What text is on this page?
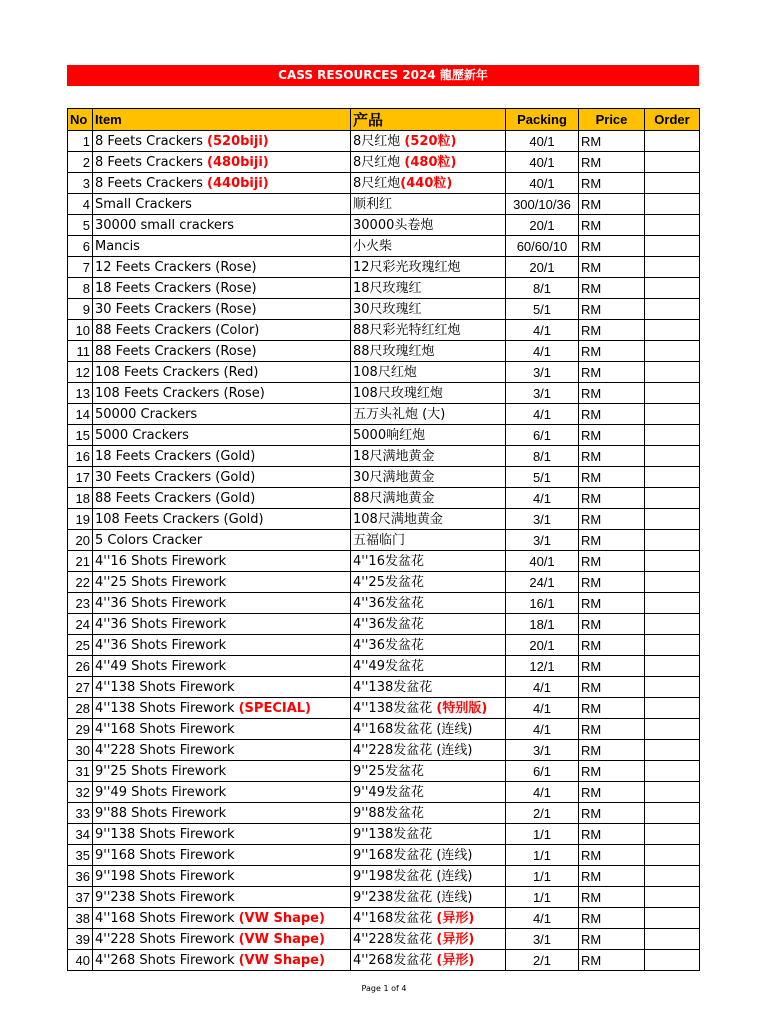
CASS RESOURCES 2024 龍歷新年
No	Item	产品	Packing	Price	Order
1	8 Feets Crackers (520biji)	8尺红炮 (520粒)	40/1	RM	
2	8 Feets Crackers (480biji)	8尺红炮 (480粒)	40/1	RM	
3	8 Feets Crackers (440biji)	8尺红炮(440粒)	40/1	RM	
4	Small Crackers	顺利红	300/10/36	RM	
5	30000 small crackers	30000头卷炮	20/1	RM	
6	Mancis	小火柴	60/60/10	RM	
7	12 Feets Crackers (Rose)	12尺彩光玫瑰红炮	20/1	RM	
8	18 Feets Crackers (Rose)	18尺玫瑰红	8/1	RM	
9	30 Feets Crackers (Rose)	30尺玫瑰红	5/1	RM	
10	88 Feets Crackers (Color)	88尺彩光特红红炮	4/1	RM	
11	88 Feets Crackers (Rose)	88尺玫瑰红炮	4/1	RM	
12	108 Feets Crackers (Red)	108尺红炮	3/1	RM	
13	108 Feets Crackers (Rose)	108尺玫瑰红炮	3/1	RM	
14	50000 Crackers	五万头礼炮 (大)	4/1	RM	
15	5000 Crackers	5000响红炮	6/1	RM	
16	18 Feets Crackers (Gold)	18尺满地黄金	8/1	RM	
17	30 Feets Crackers (Gold)	30尺满地黄金	5/1	RM	
18	88 Feets Crackers (Gold)	88尺满地黄金	4/1	RM	
19	108 Feets Crackers (Gold)	108尺满地黄金	3/1	RM	
20	5 Colors Cracker	五福临门	3/1	RM	
21	4''16 Shots Firework	4''16发盆花	40/1	RM	
22	4''25 Shots Firework	4''25发盆花	24/1	RM	
23	4''36 Shots Firework	4''36发盆花	16/1	RM	
24	4''36 Shots Firework	4''36发盆花	18/1	RM	
25	4''36 Shots Firework	4''36发盆花	20/1	RM	
26	4''49 Shots Firework	4''49发盆花	12/1	RM	
27	4''138 Shots Firework	4''138发盆花	4/1	RM	
28	4''138 Shots Firework (SPECIAL)	4''138发盆花 (特别版)	4/1	RM	
29	4''168 Shots Firework	4''168发盆花 (连线)	4/1	RM	
30	4''228 Shots Firework	4''228发盆花 (连线)	3/1	RM	
31	9''25 Shots Firework	9''25发盆花	6/1	RM	
32	9''49 Shots Firework	9''49发盆花	4/1	RM	
33	9''88 Shots Firework	9''88发盆花	2/1	RM	
34	9''138 Shots Firework	9''138发盆花	1/1	RM	
35	9''168 Shots Firework	9''168发盆花 (连线)	1/1	RM	
36	9''198 Shots Firework	9''198发盆花 (连线)	1/1	RM	
37	9''238 Shots Firework	9''238发盆花 (连线)	1/1	RM	
38	4''168 Shots Firework (VW Shape)	4''168发盆花 (异形)	4/1	RM	
39	4''228 Shots Firework (VW Shape)	4''228发盆花 (异形)	3/1	RM	
40	4''268 Shots Firework (VW Shape)	4''268发盆花 (异形)	2/1	RM	
Page 1 of 4
